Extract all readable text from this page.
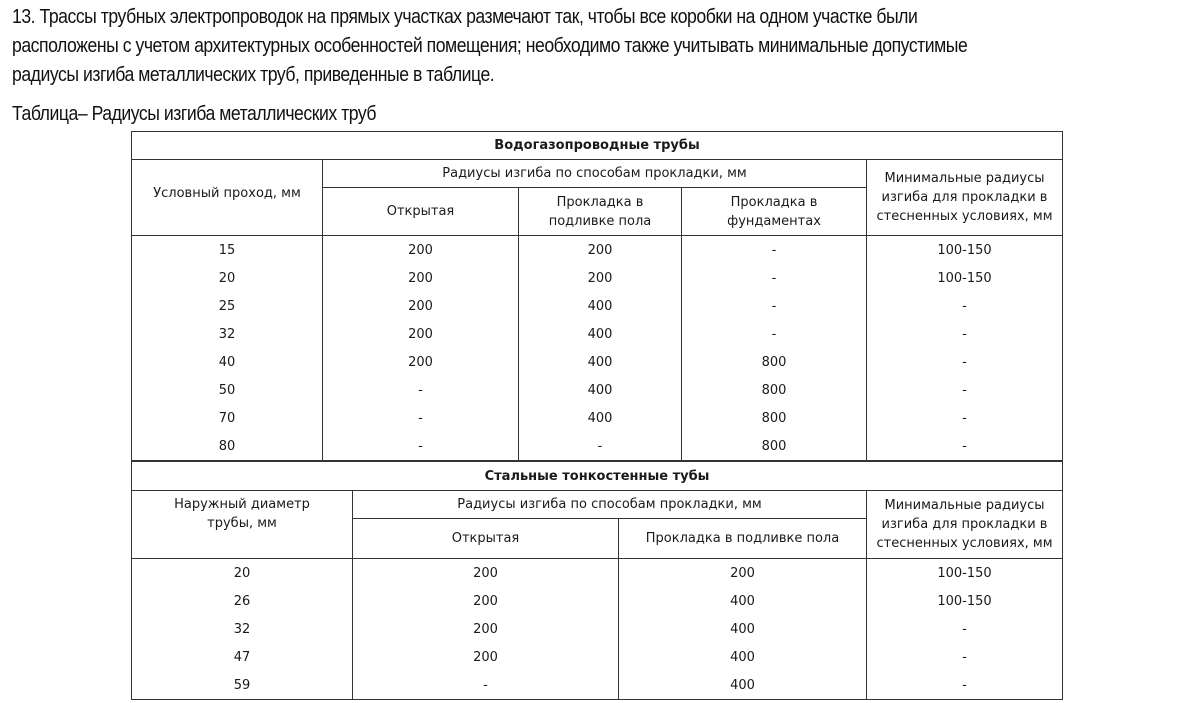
13. Трассы трубных электропроводок на прямых участках размечают так, чтобы все коробки на одном участке были
расположены с учетом архитектурных особенностей помещения; необходимо также учитывать минимальные допустимые
радиусы изгиба металлических труб, приведенные в таблице.
Таблица– Радиусы изгиба металлических труб
Водогазопроводные трубы				
Условный проход, мм	Радиусы изгиба по способам прокладки, мм			Минимальные радиусы изгиба для прокладки в стесненных условиях, мм
	Открытая	Прокладка в подливке пола	Прокладка в фундаментах	
15	200	200	-	100-150
20	200	200	-	100-150
25	200	400	-	-
32	200	400	-	-
40	200	400	800	-
50	-	400	800	-
70	-	400	800	-
80	-	-	800	-
Стальные тонкостенные тубы			
Наружный диаметр трубы, мм	Радиусы изгиба по способам прокладки, мм		Минимальные радиусы изгиба для прокладки в стесненных условиях, мм
	Открытая	Прокладка в подливке пола	
20	200	200	100-150
26	200	400	100-150
32	200	400	-
47	200	400	-
59	-	400	-
